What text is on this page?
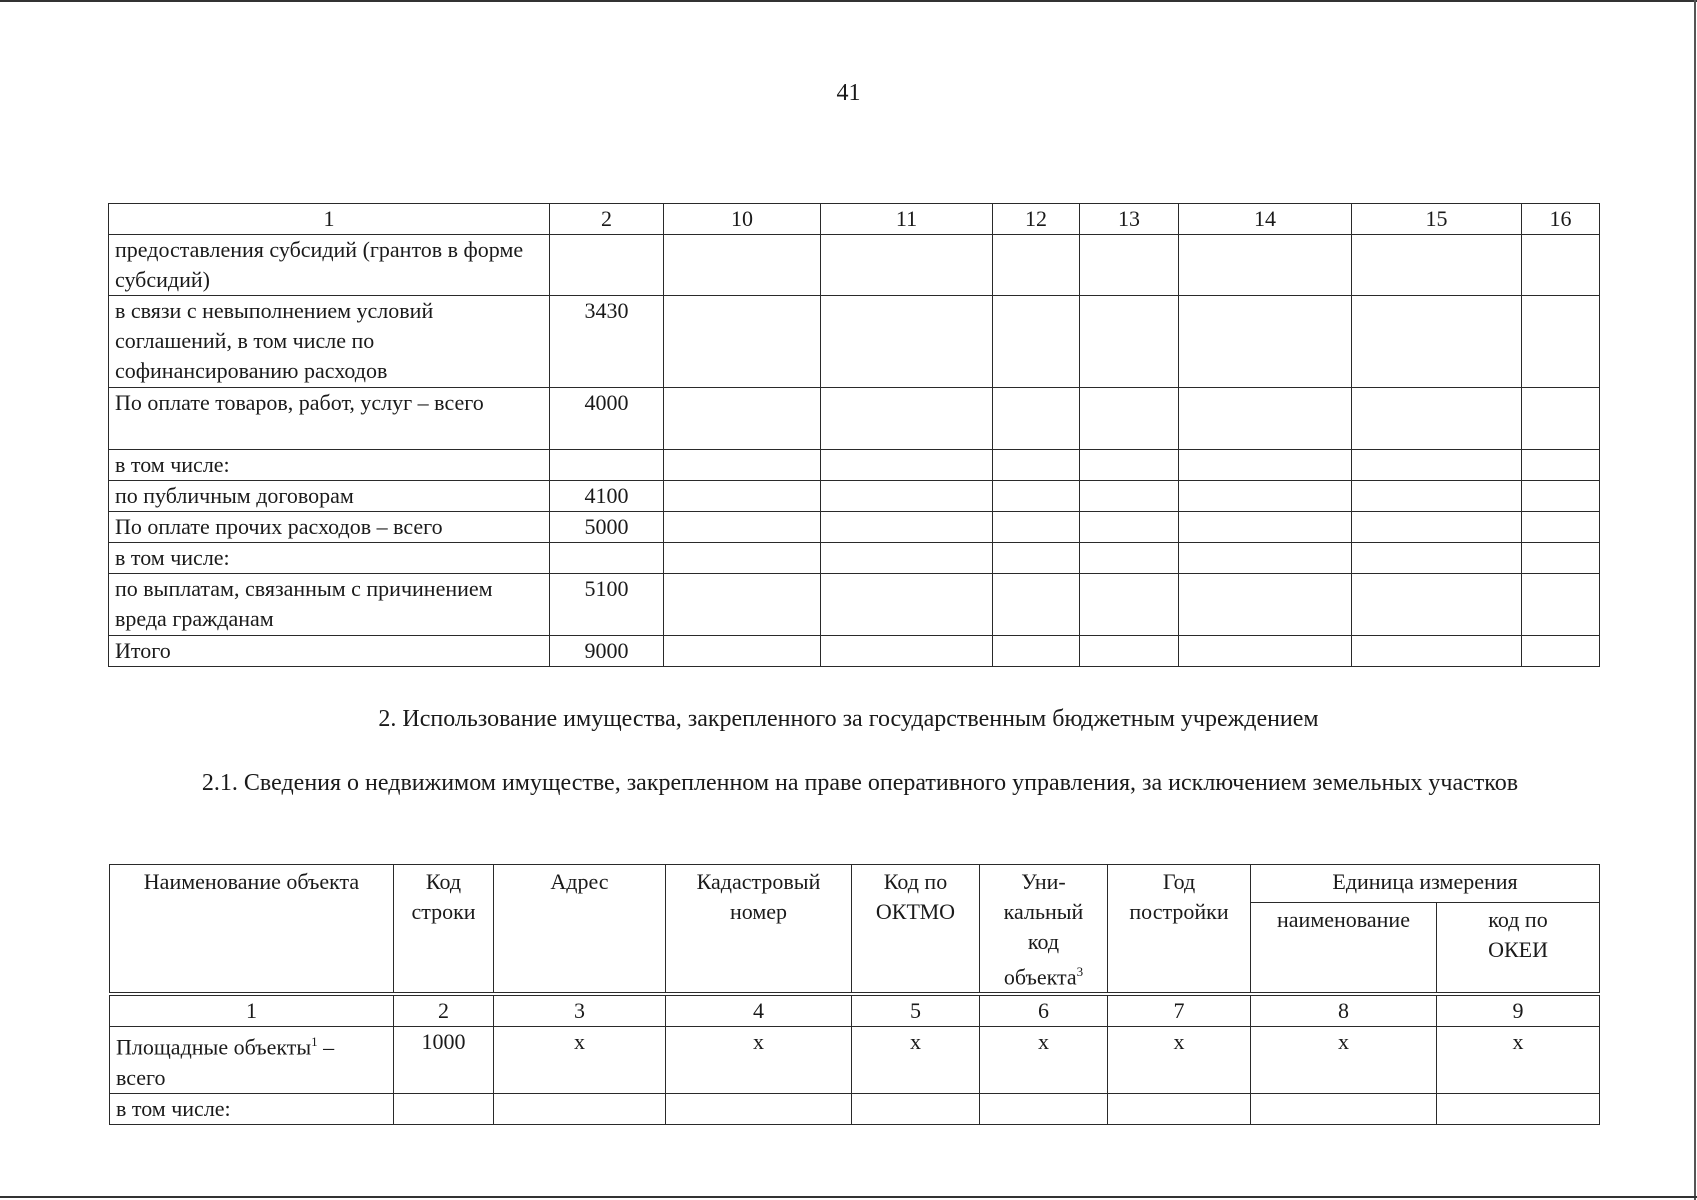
41
1	2	10	11	12	13	14	15	16
предоставления субсидий (грантов в форме субсидий)								
в связи с невыполнением условий соглашений, в том числе по софинансированию расходов	3430							
По оплате товаров, работ, услуг – всего	4000							
в том числе:								
по публичным договорам	4100							
По оплате прочих расходов – всего	5000							
в том числе:								
по выплатам, связанным с причинением вреда гражданам	5100							
Итого	9000							
2. Использование имущества, закрепленного за государственным бюджетным учреждением
2.1. Сведения о недвижимом имуществе, закрепленном на праве оперативного управления, за исключением земельных участков
Наименование объекта	Код строки	Адрес	Кадастровый номер	Код по ОКТМО	Уни- кальный код объекта$^3$	Год постройки	Единица измерения	
							наименование	код по ОКЕИ
1	2	3	4	5	6	7	8	9
Площадные объекты$^1$ – всего	1000	x	x	x	x	x	x	x
в том числе:								
